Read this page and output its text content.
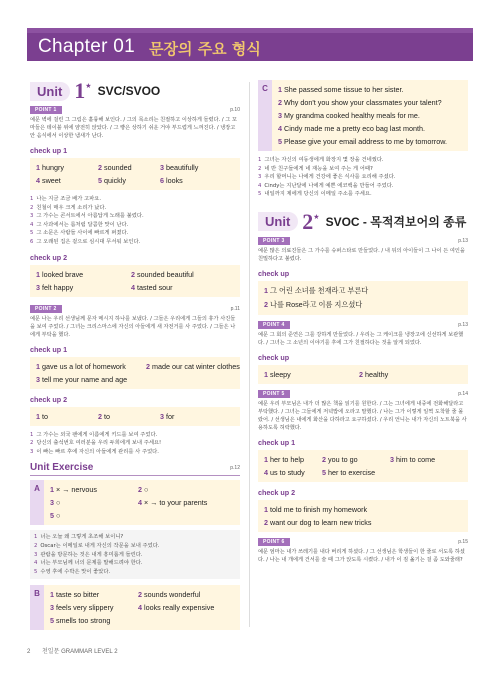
Chapter 01 문장의 주요 형식
Unit 1 ★ SVC/SVOO
POINT 1	p.10
예문 벽에 걸린 그 그림은 훌륭해 보인다. / 그의 목소리는 친절하고 이상하게 들렸다. / 그 꼬마들은 테이블 위에 얌전히 앉았다. / 그 빵은 상하기 쉬운 거야 부드럽게 느껴진다. / 냉장고 안 음식에서 이상한 냄새가 난다.
check up 1
1 hungry	2 sounded	3 beautifully
4 sweet	5 quickly	6 looks
1 나는 지금 조금 배가 고파요.
2 친철이 매우 크게 소리가 났다.
3 그 가수는 콘서트에서 아름답게 노래를 불렀다.
4 그 사과에서는 롬처럼 달콤한 맛이 난다.
5 그 소문은 사람들 사이에 빠르게 퍼졌다.
6 그 오래된 집은 겉으로 심시대 무서워 보인다.
check up 2
1 looked brave	2 sounded beautiful
3 felt happy	4 tasted sour
POINT 2	p.11
예문 나는 우리 선생님께 문자 메시지 하나를 보냈다. / 그들은 우리에게 그들의 휴가 사진들을 보여 주었다. / 그녀는 크리스마스에 자신의 아들에게 새 자전거를 사 주었다. / 그들은 나에게 부탁을 했다.
check up 1
1 gave us a lot of homework	2 made our cat winter clothes
3 tell me your name and age
check up 2
1 to	2 to	3 for
1 그 가수는 외국 팬에게 이름에게 키드를 보여 주었다.
2 당신의 출석번호 여러분을 우리 두희에게 보내 주세요!
3 이 빠는 빠르 후에 자신의 아들에게 관리를 사 주었다.
Unit Exercise	p.12
A	1 × → nervous	2 ○
3 ○	4 × → to your parents
5 ○
1 너는 오늘 왜 그렇게 초조해 보이니?
2 Oscar는 이메일로 내게 자신의 작문을 보내 주었다.
3 관람을 방문하는 것은 내게 흥미롭게 들린다.
4 너는 부모님께 너의 문제를 말해드려야 한다.
5 수영 후에 수박은 맛이 좋았다.
B	1 taste so bitter	2 sounds wonderful
3 feels very slippery	4 looks really expensive
5 smells too strong
C	1 She passed some tissue to her sister.
2 Why don't you show your classmates your talent?
3 My grandma cooked healthy meals for me.
4 Cindy made me a pretty eco bag last month.
5 Please give your email address to me by tomorrow.
1 그녀는 자신의 여동생에게 화장지 몇 장을 건네줬다.
2 네 반 친구들에게 네 재능을 보여 주는 게 어때?
3 우리 할머니는 나에게 건강에 좋은 식사를 요리해 주셨다.
4 Cindy는 지난달에 나에게 예쁜 에코백을 만들어 주었다.
5 내일까지 제에게 당신의 이메일 주소를 주세요.
Unit 2 ★ SVOC - 목적격보어의 종류
POINT 3	p.13
예문 많은 의료진들은 그 가수를 슈퍼스타로 만들었다. / 내 뒤의 아이들이 그 나이 든 여인을 친밀하다고 불렀다.
check up
1 그 어린 소녀를 천재라고 부른다
2 나를 Rose라고 이름 지으셨다
POINT 4	p.13
예문 그 회의 준연은 그를 강하게 만들었다. / 우리는 그 케이크를 냉장고에 신선하게 보관했다. / 그녀는 그 소년의 이야기를 후에 그가 친절하다는 것을 알게 되었다.
check up
1 sleepy	2 healthy
POINT 5	p.14
예문 우리 부모님은 내가 더 많은 책을 읽기를 원한다. / 그는 그녀에게 내중에 전화해달라고 부탁했다. / 그녀는 그들에게 저녁밥에 오라고 말했다. / 나는 그가 이렇게 일찍 도착할 줄 몰랐어. / 선생님은 내에게 화산을 다하라고 요구하셨다. / 우리 언니는 내가 자신의 노트북을 사용하도록 허락했다.
check up 1
1 her to help	2 you to go	3 him to come
4 us to study	5 her to exercise
check up 2
1 told me to finish my homework
2 want our dog to learn new tricks
POINT 6	p.15
예문 엄마는 내가 쓰레기를 내다 버리게 하셨다. / 그 선생님은 학생들이 한 줄로 서도록 하셨다. / 나는 내 개에게 건서를 술 때 그가 앉도록 시켰다. / 내가 이 짐 옮기는 걸 좀 도와줄래?
2 천일문 GRAMMAR LEVEL 2
